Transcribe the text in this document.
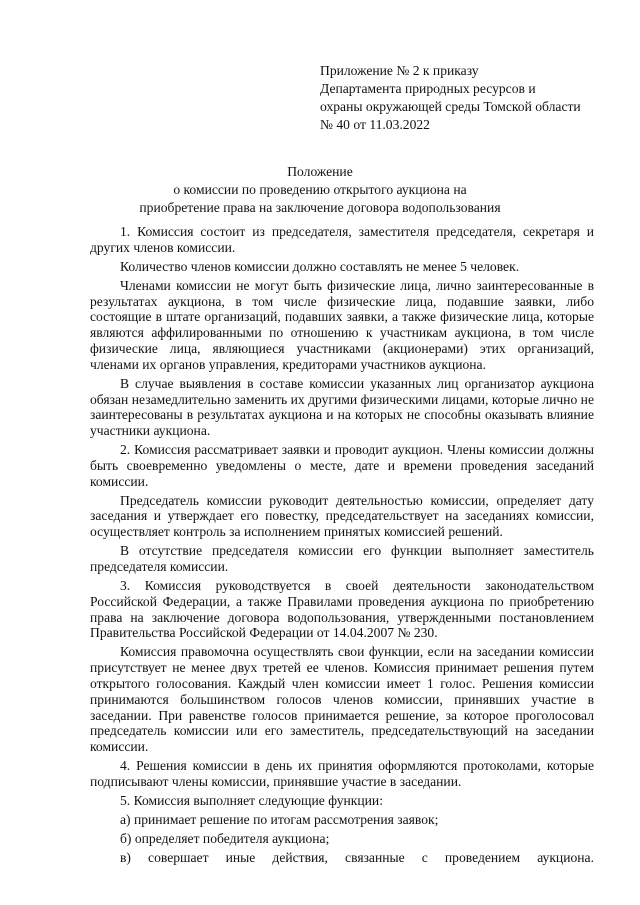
Приложение № 2 к приказу
Департамента природных ресурсов и
охраны окружающей среды Томской области
№ 40 от 11.03.2022
Положение
о комиссии по проведению открытого аукциона на
приобретение права на заключение договора водопользования

1. Комиссия состоит из председателя, заместителя председателя, секретаря и других членов комиссии.

Количество членов комиссии должно составлять не менее 5 человек.

Членами комиссии не могут быть физические лица, лично заинтересованные в результатах аукциона, в том числе физические лица, подавшие заявки, либо состоящие в штате организаций, подавших заявки, а также физические лица, которые являются аффилированными по отношению к участникам аукциона, в том числе физические лица, являющиеся участниками (акционерами) этих организаций, членами их органов управления, кредиторами участников аукциона.

В случае выявления в составе комиссии указанных лиц организатор аукциона обязан незамедлительно заменить их другими физическими лицами, которые лично не заинтересованы в результатах аукциона и на которых не способны оказывать влияние участники аукциона.

2. Комиссия рассматривает заявки и проводит аукцион. Члены комиссии должны быть своевременно уведомлены о месте, дате и времени проведения заседаний комиссии.

Председатель комиссии руководит деятельностью комиссии, определяет дату заседания и утверждает его повестку, председательствует на заседаниях комиссии, осуществляет контроль за исполнением принятых комиссией решений.

В отсутствие председателя комиссии его функции выполняет заместитель председателя комиссии.

3. Комиссия руководствуется в своей деятельности законодательством Российской Федерации, а также Правилами проведения аукциона по приобретению права на заключение договора водопользования, утвержденными постановлением Правительства Российской Федерации от 14.04.2007 № 230.

Комиссия правомочна осуществлять свои функции, если на заседании комиссии присутствует не менее двух третей ее членов. Комиссия принимает решения путем открытого голосования. Каждый член комиссии имеет 1 голос. Решения комиссии принимаются большинством голосов членов комиссии, принявших участие в заседании. При равенстве голосов принимается решение, за которое проголосовал председатель комиссии или его заместитель, председательствующий на заседании комиссии.

4. Решения комиссии в день их принятия оформляются протоколами, которые подписывают члены комиссии, принявшие участие в заседании.

5. Комиссия выполняет следующие функции:

а) принимает решение по итогам рассмотрения заявок;

б) определяет победителя аукциона;

в) совершает иные действия, связанные с проведением аукциона.
